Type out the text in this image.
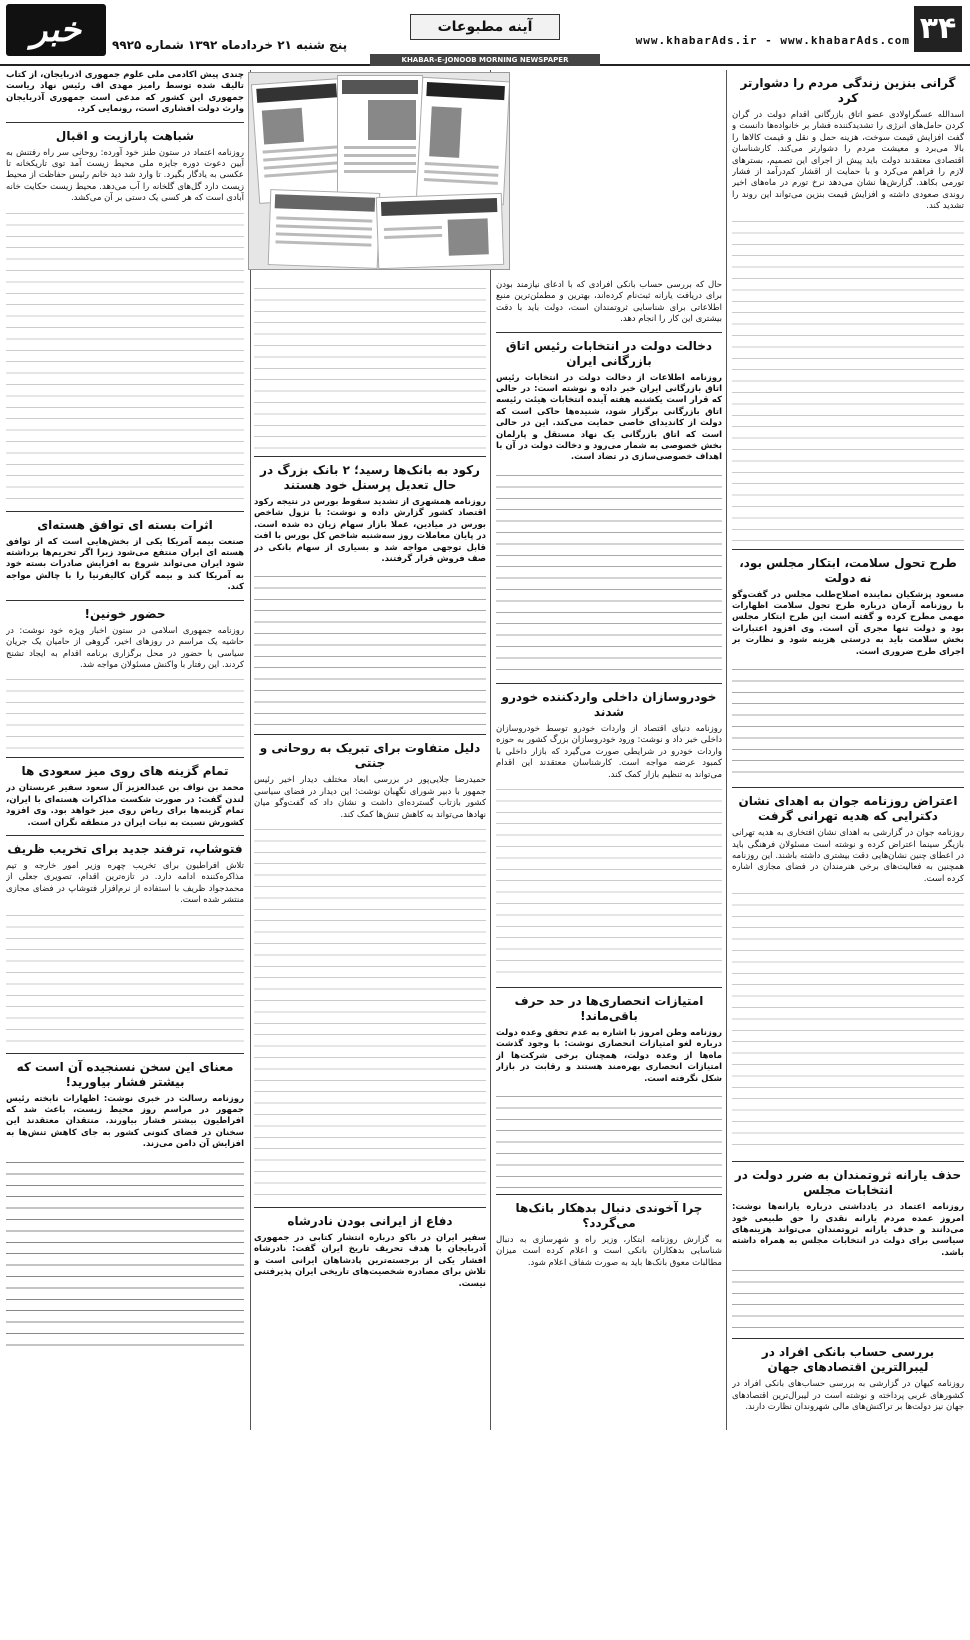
۳۴
www.khabarAds.ir - www.khabarAds.com
آینه مطبوعات
KHABAR-E-JONOOB MORNING NEWSPAPER
پنج شنبه ۲۱ خردادماه ۱۳۹۲ شماره ۹۹۲۵
خبر
گرانی بنزین زندگی مردم را دشوارتر کرد
اسدالله عسگراولادی عضو اتاق بازرگانی اقدام دولت در گران کردن حامل‌های انرژی را تشدیدکننده فشار بر خانواده‌ها دانست و گفت افزایش قیمت سوخت، هزینه حمل و نقل و قیمت کالاها را بالا می‌برد و معیشت مردم را دشوارتر می‌کند. کارشناسان اقتصادی معتقدند دولت باید پیش از اجرای این تصمیم، بسترهای لازم را فراهم می‌کرد و با حمایت از اقشار کم‌درآمد از فشار تورمی بکاهد. گزارش‌ها نشان می‌دهد نرخ تورم در ماه‌های اخیر روندی صعودی داشته و افزایش قیمت بنزین می‌تواند این روند را تشدید کند.
طرح تحول سلامت، ابتکار مجلس بود، نه دولت
مسعود پزشکیان نماینده اصلاح‌طلب مجلس در گفت‌وگو با روزنامه آرمان درباره طرح تحول سلامت اظهارات مهمی مطرح کرده و گفته است این طرح ابتکار مجلس بود و دولت تنها مجری آن است. وی افزود اعتبارات بخش سلامت باید به درستی هزینه شود و نظارت بر اجرای طرح ضروری است.
اعتراض روزنامه جوان به اهدای نشان دکترایی که هدیه تهرانی گرفت
روزنامه جوان در گزارشی به اهدای نشان افتخاری به هدیه تهرانی بازیگر سینما اعتراض کرده و نوشته است مسئولان فرهنگی باید در اعطای چنین نشان‌هایی دقت بیشتری داشته باشند. این روزنامه همچنین به فعالیت‌های برخی هنرمندان در فضای مجازی اشاره کرده است.
حذف یارانه ثروتمندان به ضرر دولت در انتخابات مجلس
روزنامه اعتماد در یادداشتی درباره یارانه‌ها نوشت: امروز عمده مردم یارانه نقدی را حق طبیعی خود می‌دانند و حذف یارانه ثروتمندان می‌تواند هزینه‌های سیاسی برای دولت در انتخابات مجلس به همراه داشته باشد.
بررسی حساب بانکی افراد در لیبرالترین اقتصادهای جهان
روزنامه کیهان در گزارشی به بررسی حساب‌های بانکی افراد در کشورهای غربی پرداخته و نوشته است در لیبرال‌ترین اقتصادهای جهان نیز دولت‌ها بر تراکنش‌های مالی شهروندان نظارت دارند.
حال که بررسی حساب بانکی افرادی که با ادعای نیازمند بودن برای دریافت یارانه ثبت‌نام کرده‌اند، بهترین و مطمئن‌ترین منبع اطلاعاتی برای شناسایی ثروتمندان است، دولت باید با دقت بیشتری این کار را انجام دهد.
دخالت دولت در انتخابات رئیس اتاق بازرگانی ایران
روزنامه اطلاعات از دخالت دولت در انتخابات رئیس اتاق بازرگانی ایران خبر داده و نوشته است: در حالی که قرار است یکشنبه هفته آینده انتخابات هیئت رئیسه اتاق بازرگانی برگزار شود، شنیده‌ها حاکی است که دولت از کاندیدای خاصی حمایت می‌کند. این در حالی است که اتاق بازرگانی یک نهاد مستقل و پارلمان بخش خصوصی به شمار می‌رود و دخالت دولت در آن با اهداف خصوصی‌سازی در تضاد است.
خودروسازان داخلی واردکننده خودرو شدند
روزنامه دنیای اقتصاد از واردات خودرو توسط خودروسازان داخلی خبر داد و نوشت: ورود خودروسازان بزرگ کشور به حوزه واردات خودرو در شرایطی صورت می‌گیرد که بازار داخلی با کمبود عرضه مواجه است. کارشناسان معتقدند این اقدام می‌تواند به تنظیم بازار کمک کند.
امتیازات انحصاری‌ها در حد حرف باقی‌ماند!
روزنامه وطن امروز با اشاره به عدم تحقق وعده دولت درباره لغو امتیازات انحصاری نوشت: با وجود گذشت ماه‌ها از وعده دولت، همچنان برخی شرکت‌ها از امتیازات انحصاری بهره‌مند هستند و رقابت در بازار شکل نگرفته است.
چرا آخوندی دنبال بدهکار بانک‌ها می‌گردد؟
به گزارش روزنامه ابتکار، وزیر راه و شهرسازی به دنبال شناسایی بدهکاران بانکی است و اعلام کرده است میزان مطالبات معوق بانک‌ها باید به صورت شفاف اعلام شود.
رکود به بانک‌ها رسید؛ ۲ بانک بزرگ در حال تعدیل پرسنل خود هستند
روزنامه همشهری از تشدید سقوط بورس در نتیجه رکود اقتصاد کشور گزارش داده و نوشت: با نزول شاخص بورس در میادین، عملا بازار سهام زیان ده شده است. در پایان معاملات روز سه‌شنبه شاخص کل بورس با افت قابل توجهی مواجه شد و بسیاری از سهام بانکی در صف فروش قرار گرفتند.
دلیل متفاوت برای تبریک به روحانی و جنتی
حمیدرضا جلایی‌پور در بررسی ابعاد مختلف دیدار اخیر رئیس جمهور با دبیر شورای نگهبان نوشت: این دیدار در فضای سیاسی کشور بازتاب گسترده‌ای داشت و نشان داد که گفت‌وگو میان نهادها می‌تواند به کاهش تنش‌ها کمک کند.
دفاع از ایرانی بودن نادرشاه
سفیر ایران در باکو درباره انتشار کتابی در جمهوری آذربایجان با هدف تحریف تاریخ ایران گفت: نادرشاه افشار یکی از برجسته‌ترین پادشاهان ایرانی است و تلاش برای مصادره شخصیت‌های تاریخی ایران پذیرفتنی نیست.
چندی پیش آکادمی ملی علوم جمهوری آذربایجان، از کتاب تالیف شده توسط رامیز مهدی اف رئیس نهاد ریاست جمهوری این کشور که مدعی است جمهوری آذربایجان وارث دولت افشاری است، رونمایی کرد.
شباهت پارازیت و اقبال
روزنامه اعتماد در ستون طنز خود آورده: روحانی سر راه رفتنش به آیین دعوت دوره جایزه ملی محیط زیست آمد توی تاریکخانه تا عکسی به یادگار بگیرد. تا وارد شد دید خانم رئیس حفاظت از محیط زیست دارد گل‌های گلخانه را آب می‌دهد. محیط زیست حکایت خانه آبادی است که هر کسی یک دستی بر آن می‌کشد.
اثرات بسته ای توافق هسته‌ای
صنعت بیمه آمریکا یکی از بخش‌هایی است که از توافق هسته ای ایران منتفع می‌شود زیرا اگر تحریم‌ها برداشته شود ایران می‌تواند شروع به افزایش صادرات بسته خود به آمریکا کند و بیمه گران کالیفرنیا را با چالش مواجه کند.
حضور خونین!
روزنامه جمهوری اسلامی در ستون اخبار ویژه خود نوشت: در حاشیه یک مراسم در روزهای اخیر، گروهی از حامیان یک جریان سیاسی با حضور در محل برگزاری برنامه اقدام به ایجاد تشنج کردند. این رفتار با واکنش مسئولان مواجه شد.
تمام گزینه های روی میز سعودی ها
محمد بن نواف بن عبدالعزیز آل سعود سفیر عربستان در لندن گفت: در صورت شکست مذاکرات هسته‌ای با ایران، تمام گزینه‌ها برای ریاض روی میز خواهد بود. وی افزود کشورش نسبت به نیات ایران در منطقه نگران است.
فتوشاپ، ترفند جدید برای تخریب ظریف
تلاش افراطیون برای تخریب چهره وزیر امور خارجه و تیم مذاکره‌کننده ادامه دارد. در تازه‌ترین اقدام، تصویری جعلی از محمدجواد ظریف با استفاده از نرم‌افزار فتوشاپ در فضای مجازی منتشر شده است.
معنای این سخن نسنجیده آن است که بیشتر فشار بیاورید!
روزنامه رسالت در خبری نوشت: اظهارات نابخته رئیس جمهور در مراسم روز محیط زیست، باعث شد که افراطیون بیشتر فشار بیاورند. منتقدان معتقدند این سخنان در فضای کنونی کشور به جای کاهش تنش‌ها به افزایش آن دامن می‌زند.
